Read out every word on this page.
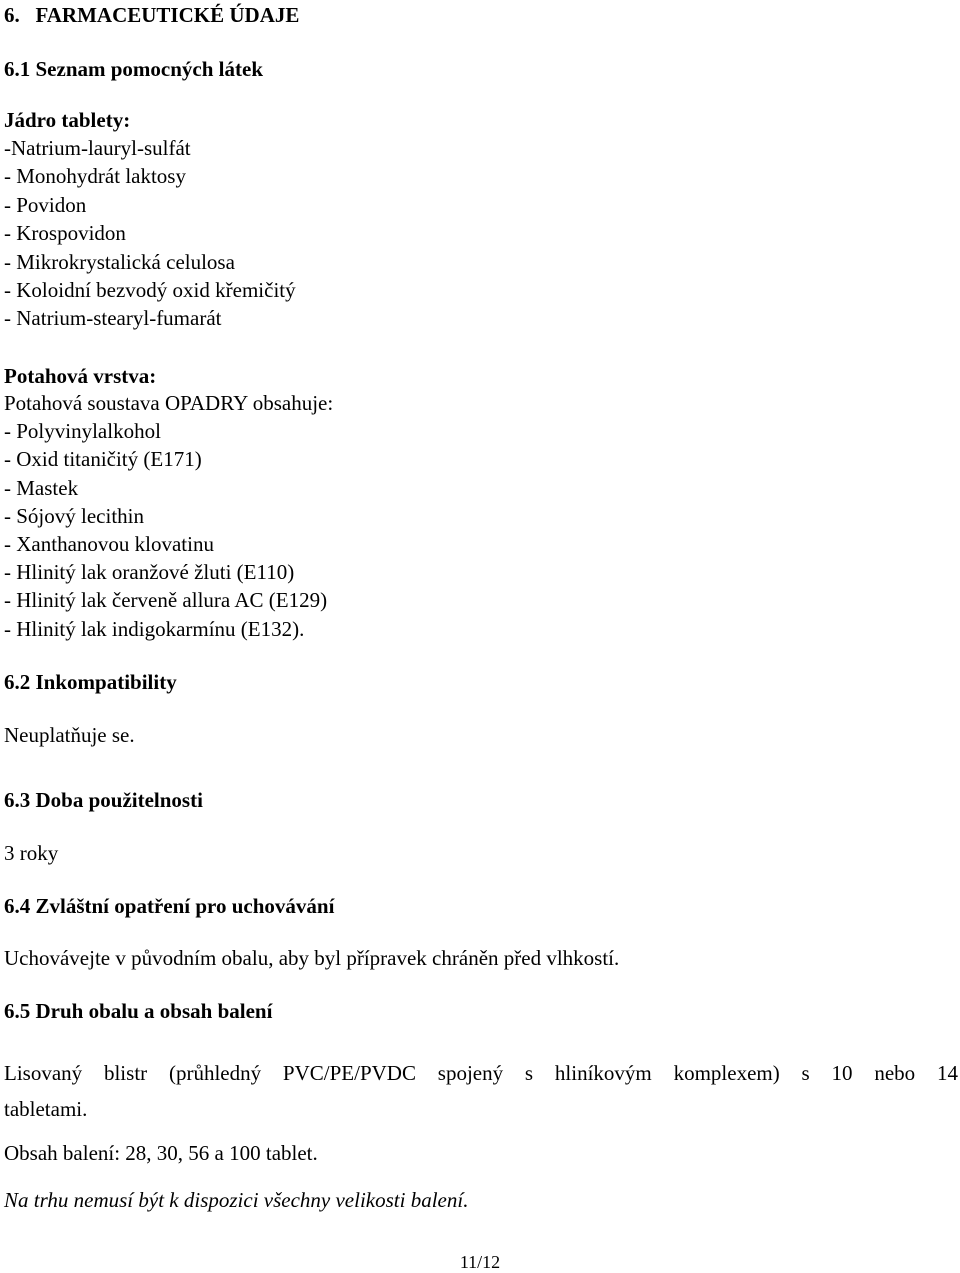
6.   FARMACEUTICKÉ ÚDAJE
6.1 Seznam pomocných látek
Jádro tablety:
-Natrium-lauryl-sulfát
- Monohydrát laktosy
- Povidon
- Krospovidon
- Mikrokrystalická celulosa
- Koloidní bezvodý oxid křemičitý
- Natrium-stearyl-fumarát
Potahová vrstva:
Potahová soustava OPADRY obsahuje:
- Polyvinylalkohol
- Oxid titaničitý (E171)
- Mastek
- Sójový lecithin
- Xanthanovou klovatinu
- Hlinitý lak oranžové žluti (E110)
- Hlinitý lak červeně allura AC (E129)
- Hlinitý lak indigokarmínu (E132).
6.2 Inkompatibility
Neuplatňuje se.
6.3 Doba použitelnosti
3 roky
6.4 Zvláštní opatření pro uchovávání
Uchovávejte v původním obalu, aby byl přípravek chráněn před vlhkostí.
6.5 Druh obalu a obsah balení
Lisovaný blistr (průhledný PVC/PE/PVDC spojený s hliníkovým komplexem) s 10 nebo 14
tabletami.
Obsah balení: 28, 30, 56 a 100 tablet.
Na trhu nemusí být k dispozici všechny velikosti balení.
11/12
